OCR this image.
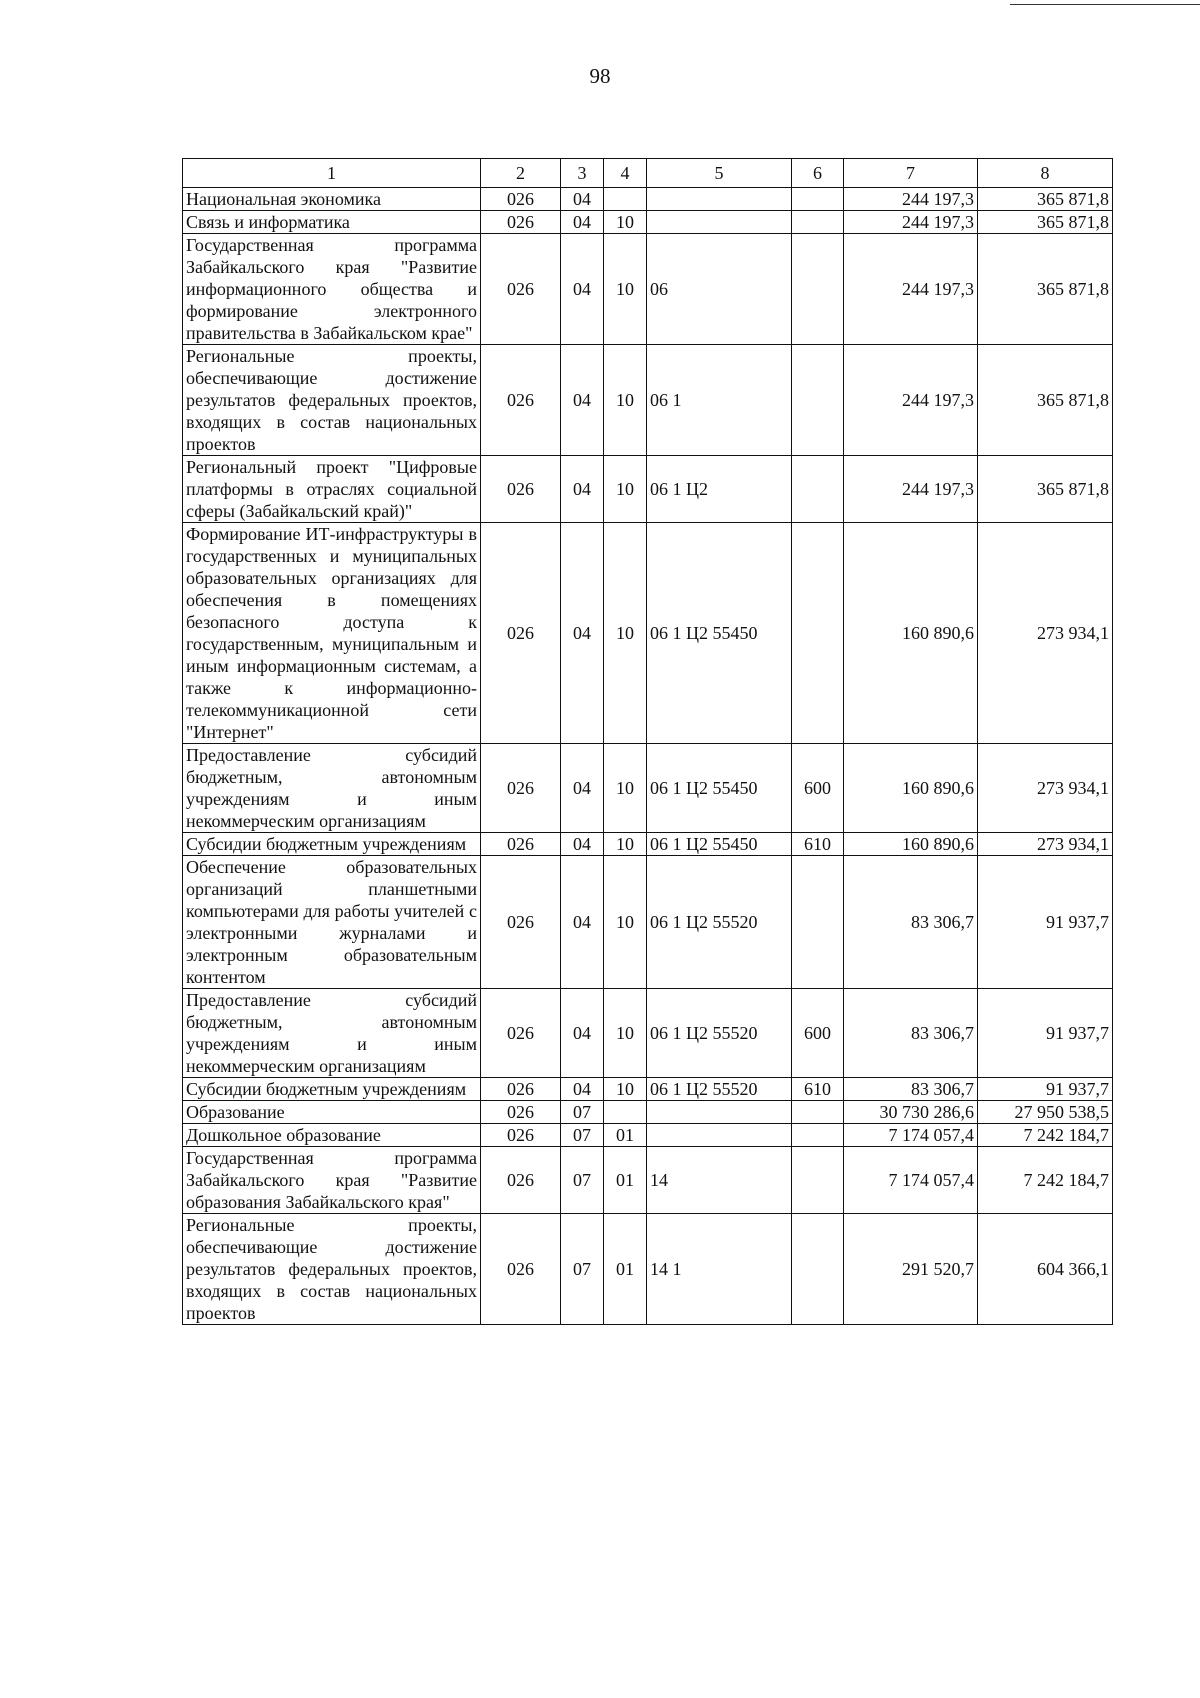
98
1	2	3	4	5	6	7	8
Национальная экономика	026	04				244 197,3	365 871,8
Связь и информатика	026	04	10			244 197,3	365 871,8
Государственная программа Забайкальского края "Развитие информационного общества и формирование электронного правительства в Забайкальском крае"	026	04	10	06		244 197,3	365 871,8
Региональные проекты, обеспечивающие достижение результатов федеральных проектов, входящих в состав национальных проектов	026	04	10	06 1		244 197,3	365 871,8
Региональный проект "Цифровые платформы в отраслях социальной сферы (Забайкальский край)"	026	04	10	06 1 Ц2		244 197,3	365 871,8
Формирование ИТ-инфраструктуры в государственных и муниципальных образовательных организациях для обеспечения в помещениях безопасного доступа к государственным, муниципальным и иным информационным системам, а также к информационно-телекоммуникационной сети "Интернет"	026	04	10	06 1 Ц2 55450		160 890,6	273 934,1
Предоставление субсидий бюджетным, автономным учреждениям и иным некоммерческим организациям	026	04	10	06 1 Ц2 55450	600	160 890,6	273 934,1
Субсидии бюджетным учреждениям	026	04	10	06 1 Ц2 55450	610	160 890,6	273 934,1
Обеспечение образовательных организаций планшетными компьютерами для работы учителей с электронными журналами и электронным образовательным контентом	026	04	10	06 1 Ц2 55520		83 306,7	91 937,7
Предоставление субсидий бюджетным, автономным учреждениям и иным некоммерческим организациям	026	04	10	06 1 Ц2 55520	600	83 306,7	91 937,7
Субсидии бюджетным учреждениям	026	04	10	06 1 Ц2 55520	610	83 306,7	91 937,7
Образование	026	07				30 730 286,6	27 950 538,5
Дошкольное образование	026	07	01			7 174 057,4	7 242 184,7
Государственная программа Забайкальского края "Развитие образования Забайкальского края"	026	07	01	14		7 174 057,4	7 242 184,7
Региональные проекты, обеспечивающие достижение результатов федеральных проектов, входящих в состав национальных проектов	026	07	01	14 1		291 520,7	604 366,1
